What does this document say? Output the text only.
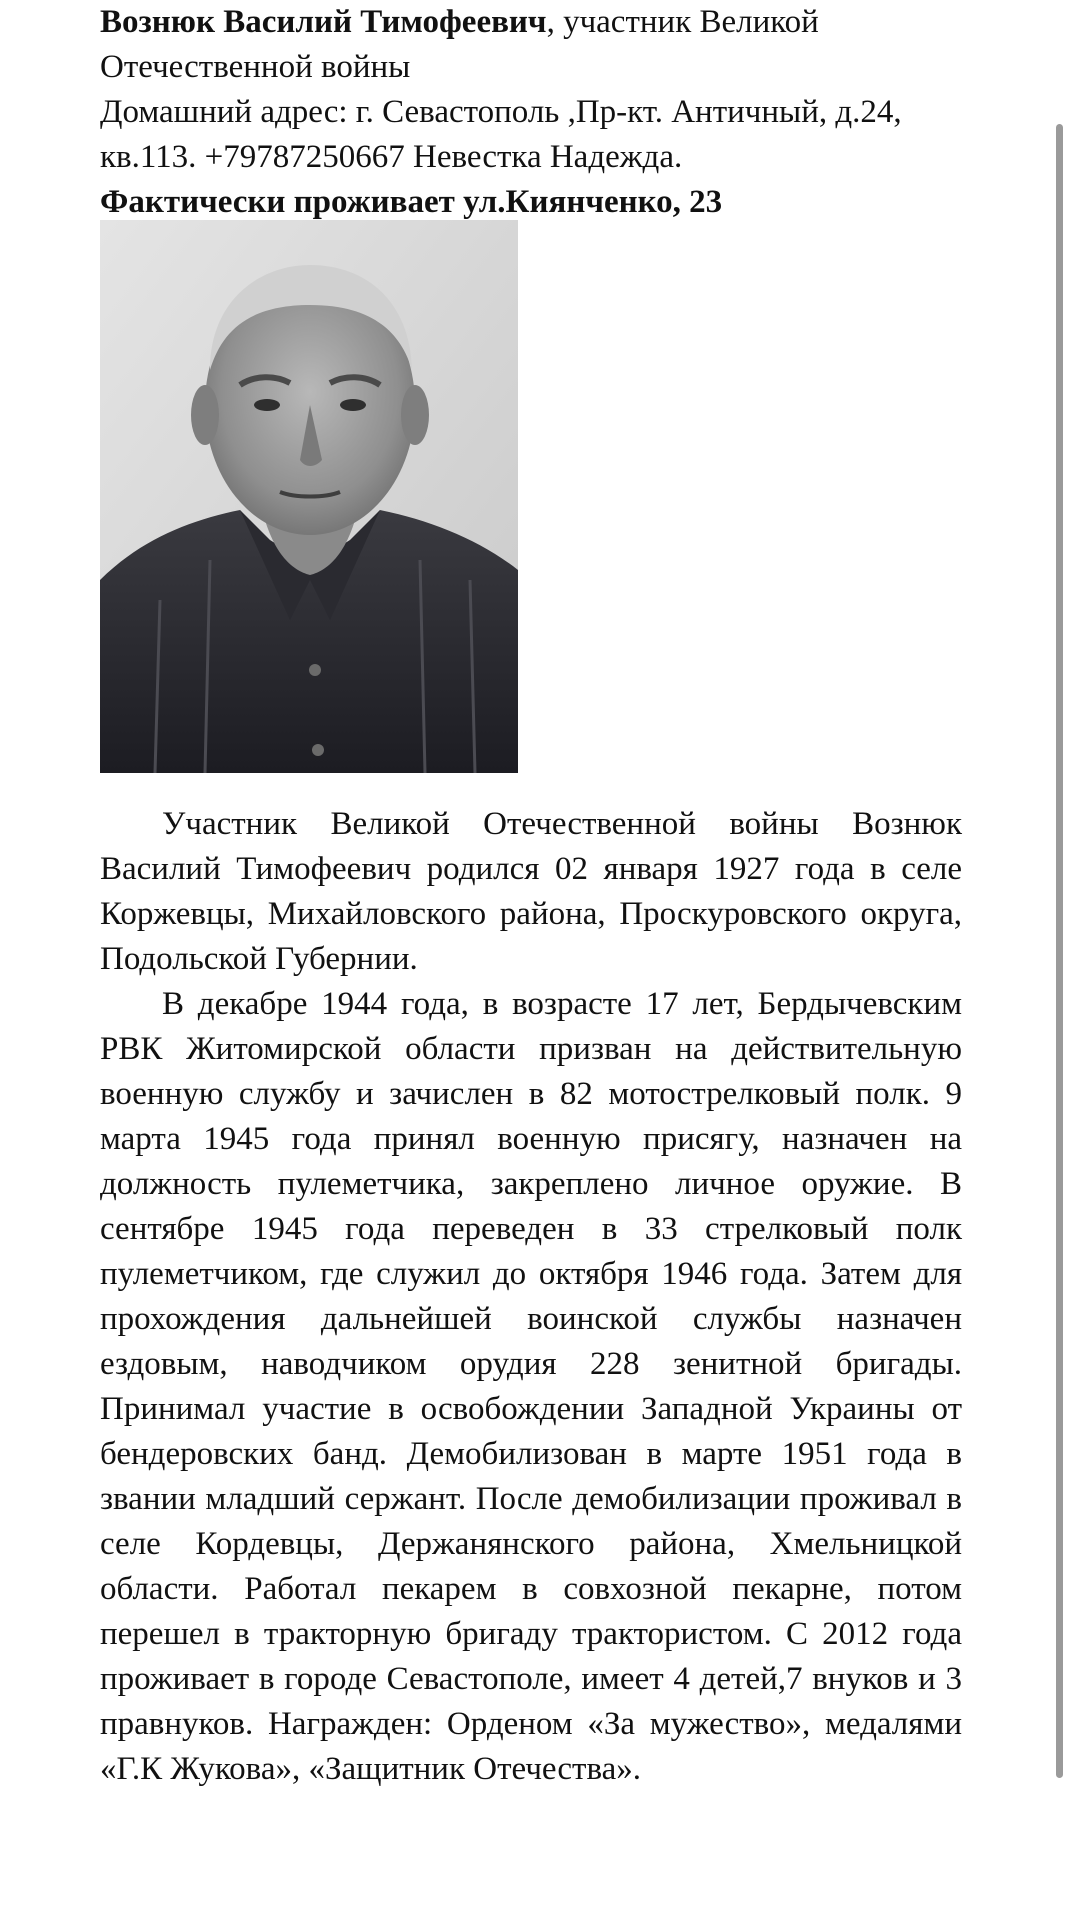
Вознюк Василий Тимофеевич, участник Великой Отечественной войны
Домашний адрес: г. Севастополь ,Пр-кт. Античный, д.24, кв.113. +79787250667 Невестка Надежда.
Фактически проживает ул.Киянченко, 23

Участник Великой Отечественной войны Вознюк Василий Тимофеевич родился 02 января 1927 года в селе Коржевцы, Михайловского района, Проскуровского округа, Подольской Губернии.

В декабре 1944 года, в возрасте 17 лет, Бердычевским РВК Житомирской области призван на действительную военную службу и зачислен в 82 мотострелковый полк. 9 марта 1945 года принял военную присягу, назначен на должность пулеметчика, закреплено личное оружие. В сентябре 1945 года переведен в 33 стрелковый полк пулеметчиком, где служил до октября 1946 года. Затем для прохождения дальнейшей воинской службы назначен ездовым, наводчиком орудия 228 зенитной бригады. Принимал участие в освобождении Западной Украины от бендеровских банд. Демобилизован в марте 1951 года в звании младший сержант. После демобилизации проживал в селе Кордевцы, Держанянского района, Хмельницкой области. Работал пекарем в совхозной пекарне, потом перешел в тракторную бригаду трактористом. С 2012 года проживает в городе Севастополе, имеет 4 детей,7 внуков и 3 правнуков. Награжден: Орденом «За мужество», медалями «Г.К Жукова», «Защитник Отечества».
